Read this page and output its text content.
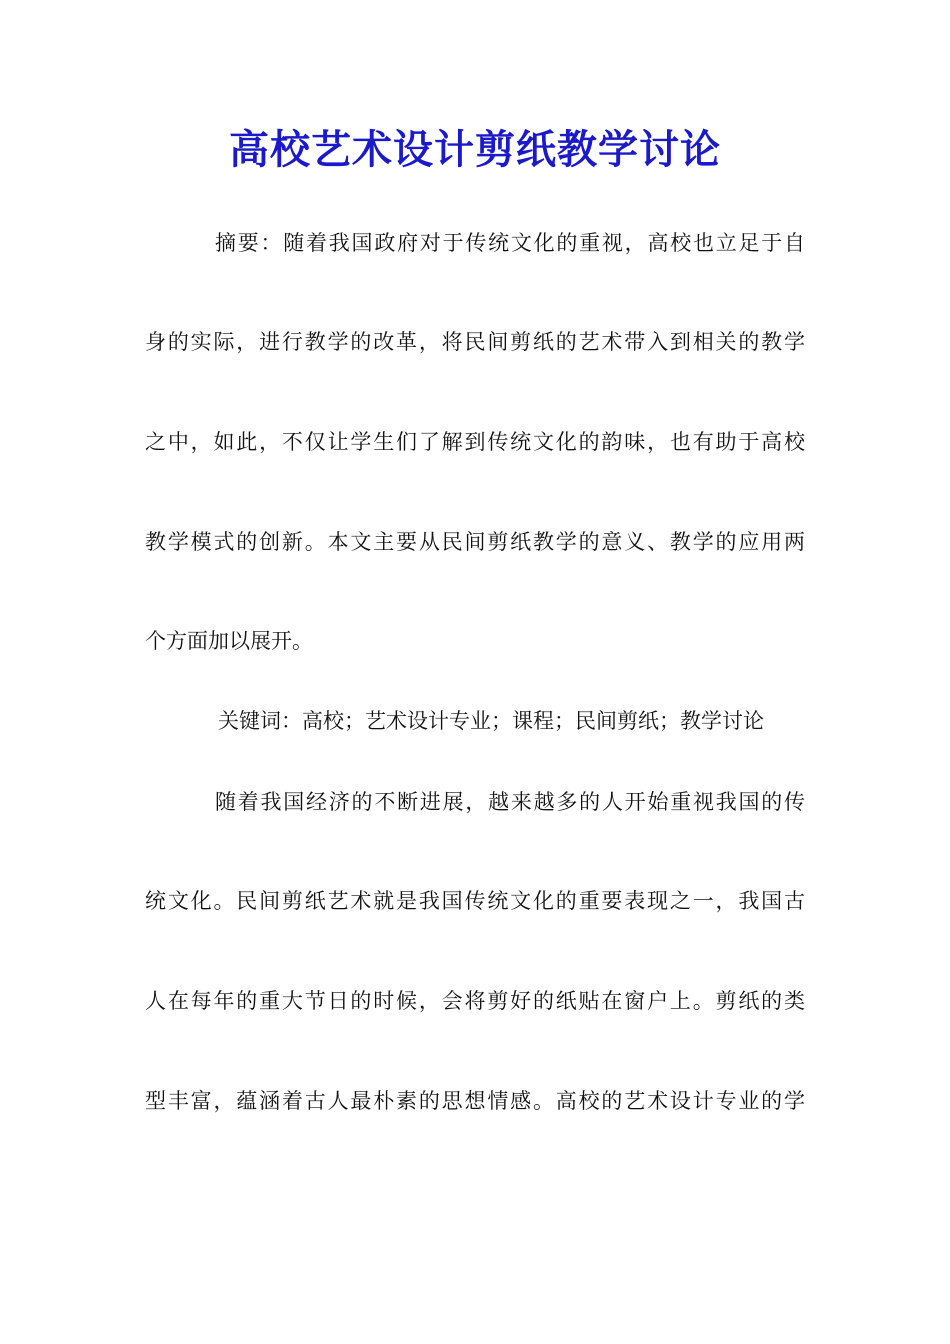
高校艺术设计剪纸教学讨论
摘要：随着我国政府对于传统文化的重视，高校也立足于自
身的实际，进行教学的改革，将民间剪纸的艺术带入到相关的教学
之中，如此，不仅让学生们了解到传统文化的韵味，也有助于高校
教学模式的创新。本文主要从民间剪纸教学的意义、教学的应用两
个方面加以展开。
关键词：高校；艺术设计专业；课程；民间剪纸；教学讨论
随着我国经济的不断进展，越来越多的人开始重视我国的传
统文化。民间剪纸艺术就是我国传统文化的重要表现之一，我国古
人在每年的重大节日的时候，会将剪好的纸贴在窗户上。剪纸的类
型丰富，蕴涵着古人最朴素的思想情感。高校的艺术设计专业的学
